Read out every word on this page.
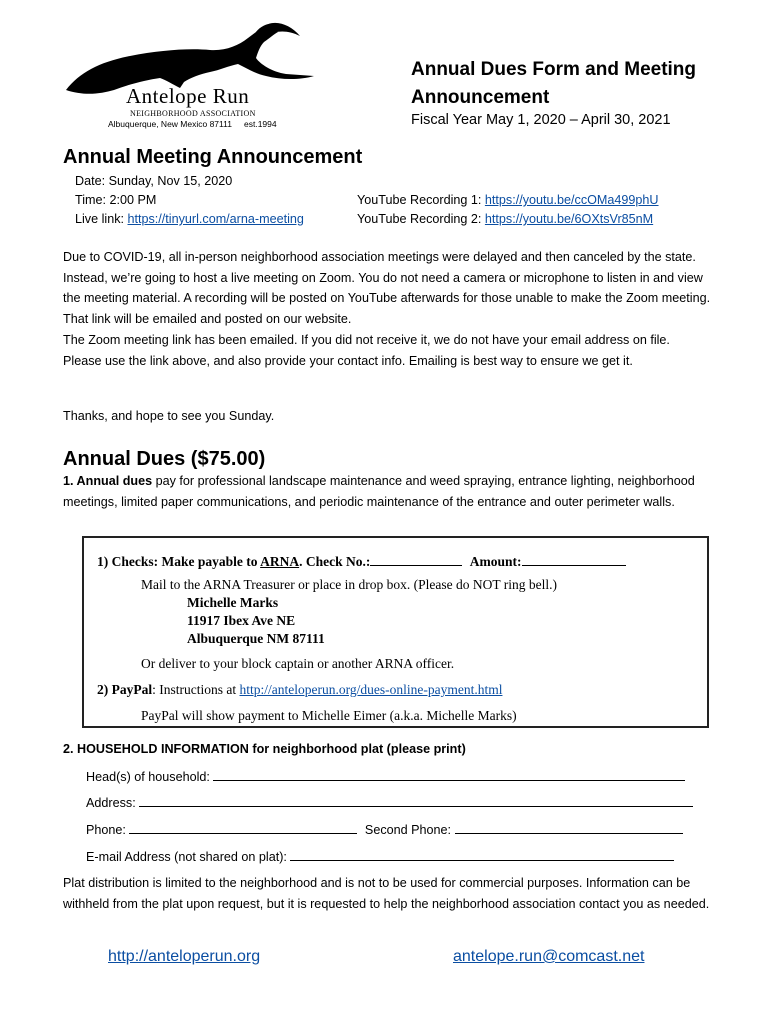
Antelope Run
NEIGHBORHOOD ASSOCIATION
Albuquerque, New Mexico 87111 est.1994
Annual Dues Form and Meeting
Announcement
Fiscal Year May 1, 2020 – April 30, 2021
Annual Meeting Announcement
Date: Sunday, Nov 15, 2020
Time: 2:00 PM
Live link: https://tinyurl.com/arna-meeting
YouTube Recording 1: https://youtu.be/ccOMa499phU
YouTube Recording 2: https://youtu.be/6OXtsVr85nM
Due to COVID-19, all in-person neighborhood association meetings were delayed and then canceled by the state. Instead, we’re going to host a live meeting on Zoom. You do not need a camera or microphone to listen in and view the meeting material. A recording will be posted on YouTube afterwards for those unable to make the Zoom meeting. That link will be emailed and posted on our website.
The Zoom meeting link has been emailed. If you did not receive it, we do not have your email address on file. Please use the link above, and also provide your contact info. Emailing is best way to ensure we get it.
Thanks, and hope to see you Sunday.
Annual Dues ($75.00)
1. Annual dues pay for professional landscape maintenance and weed spraying, entrance lighting, neighborhood meetings, limited paper communications, and periodic maintenance of the entrance and outer perimeter walls.
1) Checks: Make payable to ARNA. Check No.:	Amount:
Mail to the ARNA Treasurer or place in drop box. (Please do NOT ring bell.)
Michelle Marks
11917 Ibex Ave NE
Albuquerque NM 87111
Or deliver to your block captain or another ARNA officer.
2) PayPal: Instructions at http://anteloperun.org/dues-online-payment.html
PayPal will show payment to Michelle Eimer (a.k.a. Michelle Marks)
2. HOUSEHOLD INFORMATION for neighborhood plat (please print)
Head(s) of household:
Address:
Phone:	Second Phone:
E-mail Address (not shared on plat):
Plat distribution is limited to the neighborhood and is not to be used for commercial purposes. Information can be withheld from the plat upon request, but it is requested to help the neighborhood association contact you as needed.
http://anteloperun.org	antelope.run@comcast.net
